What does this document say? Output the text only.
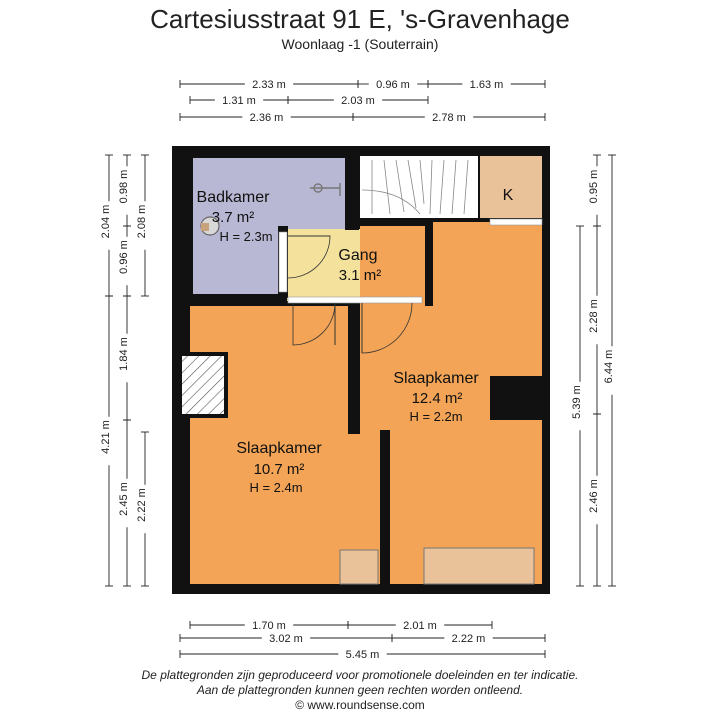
Cartesiusstraat 91 E, 's-Gravenhage
Woonlaag -1 (Souterrain)
Badkamer
3.7 m²
H = 2.3m
Gang
3.1 m²
K
Slaapkamer
12.4 m²
H = 2.2m
Slaapkamer
10.7 m²
H = 2.4m
2.33 m	0.96 m	1.63 m
1.31 m	2.03 m
2.36 m	2.78 m
1.70 m	2.01 m
3.02 m	2.22 m
5.45 m
2.04 m
4.21 m
0.98 m
0.96 m
1.84 m
2.45 m
2.08 m
2.22 m
0.95 m
2.28 m
2.46 m
5.39 m
6.44 m
De plattegronden zijn geproduceerd voor promotionele doeleinden en ter indicatie.
Aan de plattegronden kunnen geen rechten worden ontleend.
© www.roundsense.com
